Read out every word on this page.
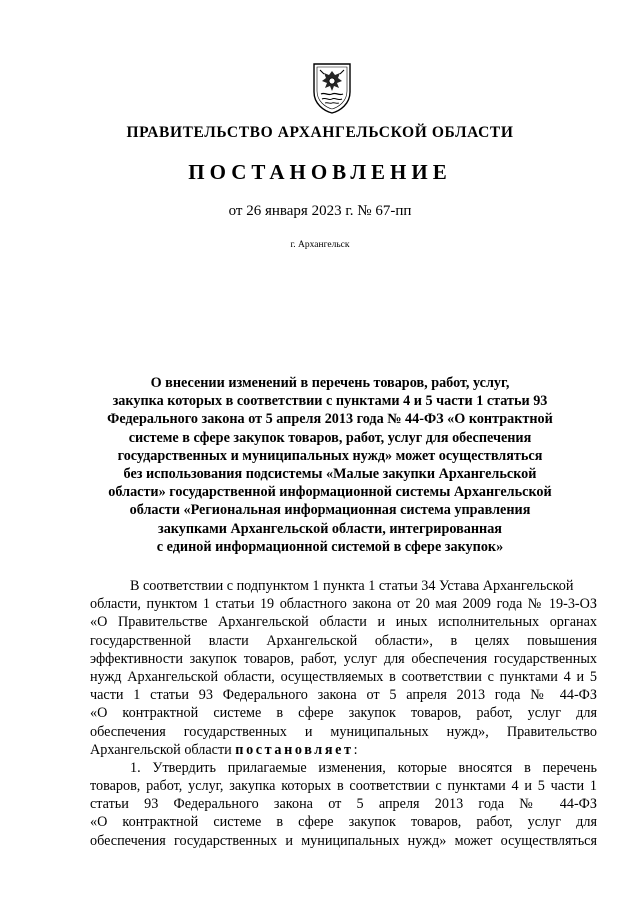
ПРАВИТЕЛЬСТВО АРХАНГЕЛЬСКОЙ ОБЛАСТИ
ПОСТАНОВЛЕНИЕ
от 26 января 2023 г. № 67-пп
г. Архангельск
О внесении изменений в перечень товаров, работ, услуг,
закупка которых в соответствии с пунктами 4 и 5 части 1 статьи 93
Федерального закона от 5 апреля 2013 года № 44-ФЗ «О контрактной
системе в сфере закупок товаров, работ, услуг для обеспечения
государственных и муниципальных нужд» может осуществляться
без использования подсистемы «Малые закупки Архангельской
области» государственной информационной системы Архангельской
области «Региональная информационная система управления
закупками Архангельской области, интегрированная
с единой информационной системой в сфере закупок»
В соответствии с подпунктом 1 пункта 1 статьи 34 Устава Архангельской
области, пунктом 1 статьи 19 областного закона от 20 мая 2009 года № 19-3-ОЗ
«О Правительстве Архангельской области и иных исполнительных органах
государственной власти Архангельской области», в целях повышения
эффективности закупок товаров, работ, услуг для обеспечения государственных
нужд Архангельской области, осуществляемых в соответствии с пунктами 4 и 5
части 1 статьи 93 Федерального закона от 5 апреля 2013 года № 44-ФЗ
«О контрактной системе в сфере закупок товаров, работ, услуг для
обеспечения государственных и муниципальных нужд», Правительство
Архангельской области постановляет:
1. Утвердить прилагаемые изменения, которые вносятся в перечень
товаров, работ, услуг, закупка которых в соответствии с пунктами 4 и 5 части 1
статьи 93 Федерального закона от 5 апреля 2013 года № 44-ФЗ
«О контрактной системе в сфере закупок товаров, работ, услуг для
обеспечения государственных и муниципальных нужд» может осуществляться
